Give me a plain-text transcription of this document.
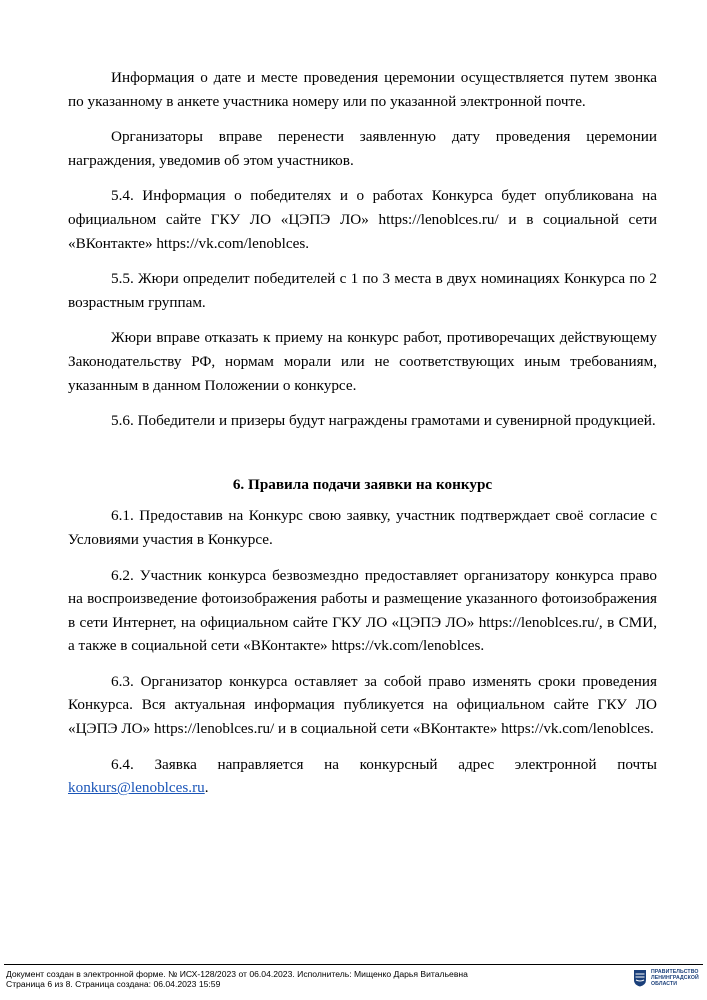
Информация о дате и месте проведения церемонии осуществляется путем звонка по указанному в анкете участника номеру или по указанной электронной почте.

Организаторы вправе перенести заявленную дату проведения церемонии награждения, уведомив об этом участников.

5.4. Информация о победителях и о работах Конкурса будет опубликована на официальном сайте ГКУ ЛО «ЦЭПЭ ЛО» https://lenoblces.ru/ и в социальной сети «ВКонтакте» https://vk.com/lenoblces.

5.5. Жюри определит победителей с 1 по 3 места в двух номинациях Конкурса по 2 возрастным группам.

Жюри вправе отказать к приему на конкурс работ, противоречащих действующему Законодательству РФ, нормам морали или не соответствующих иным требованиям, указанным в данном Положении о конкурсе.

5.6. Победители и призеры будут награждены грамотами и сувенирной продукцией.

6. Правила подачи заявки на конкурс

6.1. Предоставив на Конкурс свою заявку, участник подтверждает своё согласие с Условиями участия в Конкурсе.

6.2. Участник конкурса безвозмездно предоставляет организатору конкурса право на воспроизведение фотоизображения работы и размещение указанного фотоизображения в сети Интернет, на официальном сайте ГКУ ЛО «ЦЭПЭ ЛО» https://lenoblces.ru/, в СМИ, а также в социальной сети «ВКонтакте» https://vk.com/lenoblces.

6.3. Организатор конкурса оставляет за собой право изменять сроки проведения Конкурса. Вся актуальная информация публикуется на официальном сайте ГКУ ЛО «ЦЭПЭ ЛО» https://lenoblces.ru/ и в социальной сети «ВКонтакте» https://vk.com/lenoblces.

6.4. Заявка направляется на конкурсный адрес электронной почты konkurs@lenoblces.ru.

Документ создан в электронной форме. № ИСХ-128/2023 от 06.04.2023. Исполнитель: Мищенко Дарья Витальевна
Страница 6 из 8. Страница создана: 06.04.2023 15:59
ПРАВИТЕЛЬСТВО ЛЕНИНГРАДСКОЙ ОБЛАСТИ
